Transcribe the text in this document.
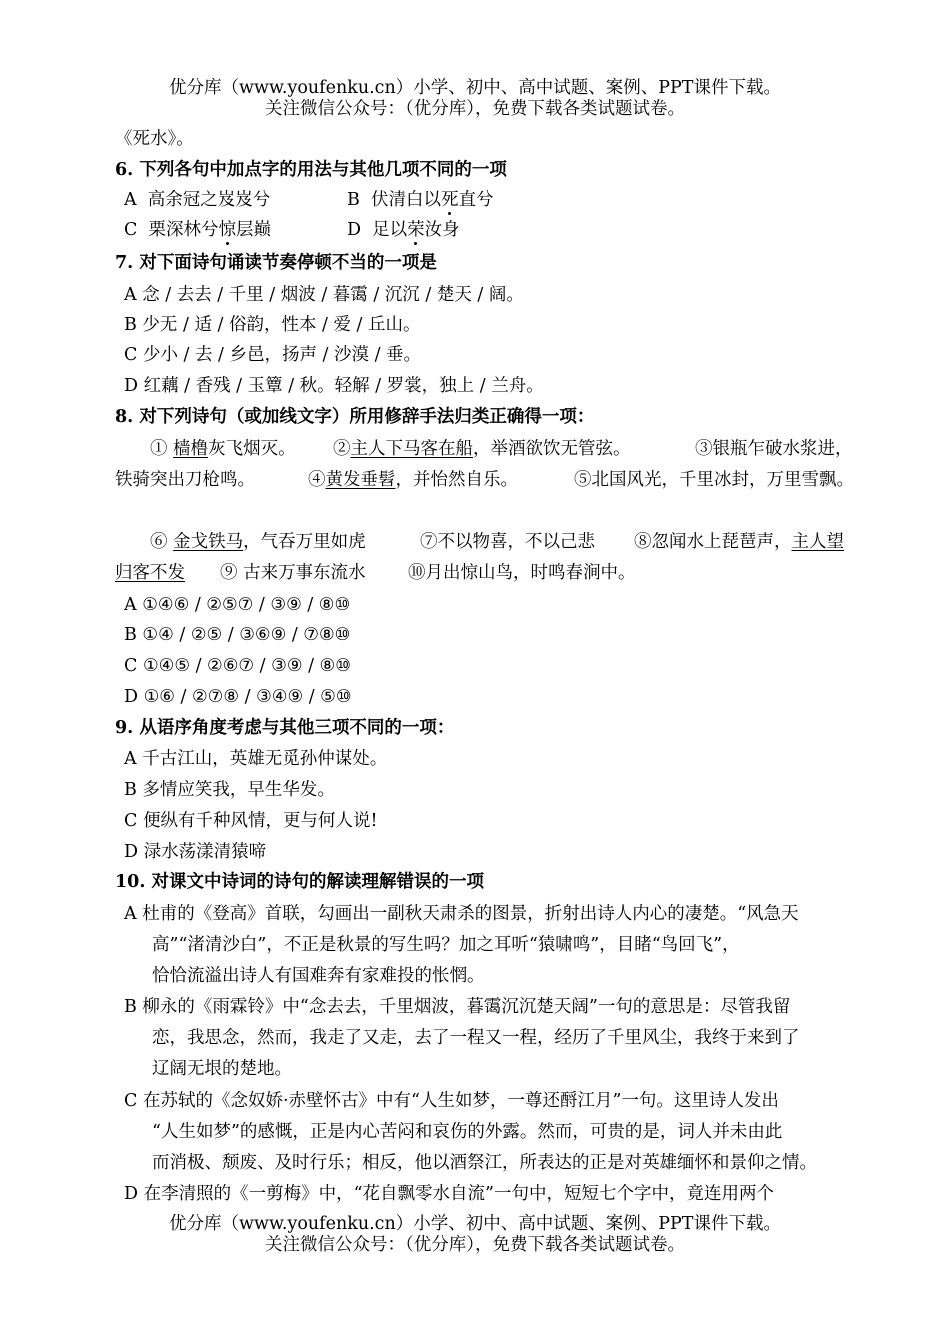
优分库（www.youfenku.cn）小学、初中、高中试题、案例、PPT课件下载。
关注微信公众号：（优分库），免费下载各类试题试卷。
《死水》。
6. 下列各句中加点字的用法与其他几项不同的一项
A 高余冠之岌岌兮	B 伏清白以死直兮
C 栗深林兮惊层巅	D 足以荣汝身
7. 对下面诗句诵读节奏停顿不当的一项是
A 念 / 去去 / 千里 / 烟波 / 暮霭 / 沉沉 / 楚天 / 阔。
B 少无 / 适 / 俗韵，性本 / 爱 / 丘山。
C 少小 / 去 / 乡邑，扬声 / 沙漠 / 垂。
D 红藕 / 香残 / 玉簟 / 秋。轻解 / 罗裳，独上 / 兰舟。
8. 对下列诗句（或加线文字）所用修辞手法归类正确得一项：
① 樯橹灰飞烟灭。 ②主人下马客在船，举酒欲饮无管弦。	③银瓶乍破水浆进，
铁骑突出刀枪鸣。	④黄发垂髫，并怡然自乐。	⑤北国风光，千里冰封，万里雪飘。
⑥ 金戈铁马，气吞万里如虎	⑦不以物喜，不以己悲 ⑧忽闻水上琵琶声，主人望
归客不发 ⑨ 古来万事东流水 ⑩月出惊山鸟，时鸣春涧中。
A ①④⑥ / ②⑤⑦ / ③⑨ / ⑧⑩
B ①④ / ②⑤ / ③⑥⑨ / ⑦⑧⑩
C ①④⑤ / ②⑥⑦ / ③⑨ / ⑧⑩
D ①⑥ / ②⑦⑧ / ③④⑨ / ⑤⑩
9. 从语序角度考虑与其他三项不同的一项：
A 千古江山，英雄无觅孙仲谋处。
B 多情应笑我，早生华发。
C 便纵有千种风情，更与何人说!
D 渌水荡漾清猿啼
10. 对课文中诗词的诗句的解读理解错误的一项
A 杜甫的《登高》首联，勾画出一副秋天肃杀的图景，折射出诗人内心的凄楚。“风急天
高”“渚清沙白”，不正是秋景的写生吗？加之耳听“猿啸鸣”，目睹“鸟回飞”，
恰恰流溢出诗人有国难奔有家难投的怅惘。
B 柳永的《雨霖铃》中“念去去，千里烟波，暮霭沉沉楚天阔”一句的意思是：尽管我留
恋，我思念，然而，我走了又走，去了一程又一程，经历了千里风尘，我终于来到了
辽阔无垠的楚地。
C 在苏轼的《念奴娇·赤壁怀古》中有“人生如梦，一尊还酹江月”一句。这里诗人发出
“人生如梦”的感慨，正是内心苦闷和哀伤的外露。然而，可贵的是，词人并未由此
而消极、颓废、及时行乐；相反，他以酒祭江，所表达的正是对英雄缅怀和景仰之情。
D 在李清照的《一剪梅》中，“花自飘零水自流”一句中，短短七个字中，竟连用两个
优分库（www.youfenku.cn）小学、初中、高中试题、案例、PPT课件下载。
关注微信公众号：（优分库），免费下载各类试题试卷。
